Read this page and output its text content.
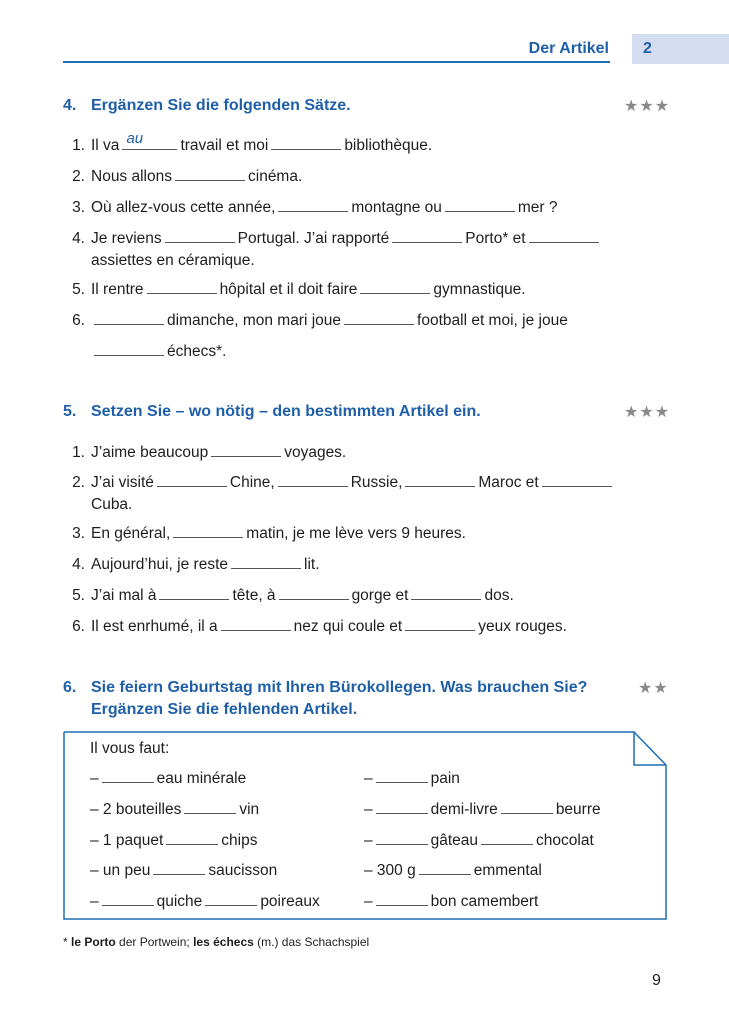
Der Artikel 2
4. Ergänzen Sie die folgenden Sätze.	★★★
1. Il va au travail et moi	bibliothèque.
2. Nous allons	cinéma.
3. Où allez-vous cette année,	montagne ou	mer ?
4. Je reviens	Portugal. J’ai rapporté	Porto* et
assiettes en céramique.
5. Il rentre	hôpital et il doit faire	gymnastique.
6.	dimanche, mon mari joue	football et moi, je joue
échecs*.
5. Setzen Sie – wo nötig – den bestimmten Artikel ein.	★★★
1. J’aime beaucoup	voyages.
2. J’ai visité	Chine,	Russie,	Maroc et
Cuba.
3. En général,	matin, je me lève vers 9 heures.
4. Aujourd’hui, je reste	lit.
5. J’ai mal à	tête, à	gorge et	dos.
6. Il est enrhumé, il a	nez qui coule et	yeux rouges.
6. Sie feiern Geburtstag mit Ihren Bürokollegen. Was brauchen Sie?
Ergänzen Sie die fehlenden Artikel.
★★
Il vous faut:
–	eau minérale
– 2 bouteilles	vin
– 1 paquet	chips
– un peu	saucisson
–	quiche	poireaux
–	pain
–	demi-livre	beurre
–	gâteau	chocolat
– 300 g	emmental
–	bon camembert
* le Porto der Portwein; les échecs (m.) das Schachspiel
9
